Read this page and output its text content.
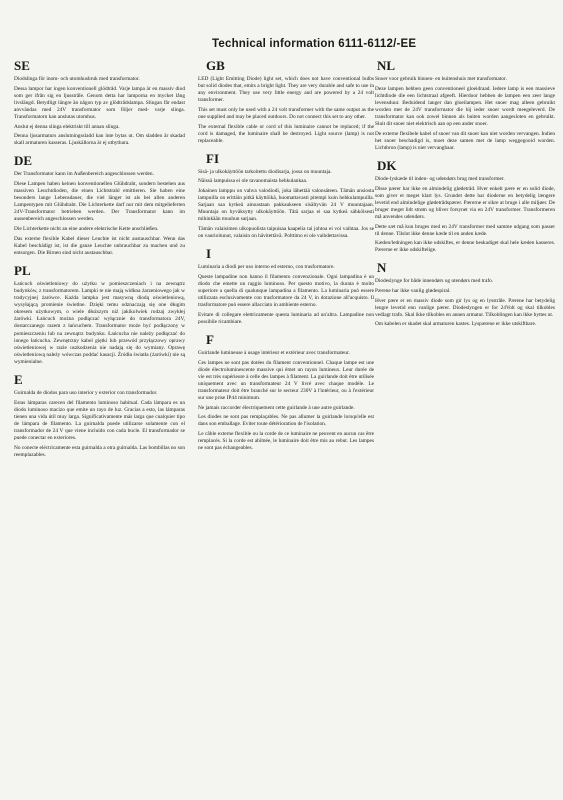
Technical information 6111-6112/-EE
SE

Diodslinga för inom- och utomhusbruk med transformator.

Dessa lampor har ingen konventionell glödtråd. Varje lampa är en massiv diod som ger ifrån sig en ljusstråle. Genom detta har lamporna en mycket lång livslängd. Betydligt längre än någon typ av glödtrådslampa. Slingan får endast anvvändas med 24V transformator som följer med- varje slinga. Transformatorn kan anslutas utomhus.

Anslut ej denna slinga elektriskt till annan slinga.

Denna ljusarmaturs anslutningssladd kan inte bytas ut. Om sladden är skadad skall armaturen kasseras. Ljuskällorna är ej utbytbara.

DE

Der Transformator kann im Außenbereich angeschlossen werden.

Diese Lampen haben keinen konventionellen Glühdraht, sondern bestehen aus massiven Leuchtdioden, die einen Lichtstrahl emittieren. Sie haben eine besonders lange Lebensdauer, die viel länger ist als bei allen anderen Lampentypen mit Glühdraht. Die Lichterkette darf nur mit dem mitgelieferten 24V-Transformator betrieben werden. Der Transformator kann im aussenbereich angeschlossen werden.

Die Lichterkette nicht an eine andere elektrische Kette anschließen.

Das externe flexible Kabel dieser Leuchte ist nicht austauschbar. Wenn das Kabel beschädigt ist, ist die ganze Leuchte unbrauchbar zu machen und zu entsorgen. Die Birnen sind nicht austauschbar.

PL

Łańcuch oświetleniowy do użytku w pomieszczeniach i na zewnątrz budynków, z transformatorem. Lampki te nie mają widkna żarzeniowego jak w tradycyjnej żarówce. Każda lampka jest masywną diodą oświetleniową, wysyłającą promienie świetlne. Dzięki temu odznaczają się one długim okresem użytkowym, o wiele dłuższym niż jakikolwiek rodzaj zwykłej żarówki. Łańcuch można podłączać wyłącznie do transformatora 24V, dostarczanego razem z łańcuchem. Transformator może być podłączony w pomieszczeniu lub na zewnątrz budynku. Łańcucha nie należy podłączać do innego łańcucha. Zewnętrzny kabel giętki lub przewód przyłączowy oprawy oświetleniowej w razie uszkodzenia nie nadają się do wymiany. Oprawę oświetleniową należy wówczas poddać kasacji. Źródła światła (żarówki) nie są wymienialne.

E

Guirnalda de diodos para uso interior y exterior con transformador.

Estas lámparas carecen del filamento luminoso habitual. Cada lámpara es un diodo luminoso macizo que emite un rayo de luz. Gracias a esto, las lámparas tienen una vida útil muy larga. Significativamente más larga que cualquier tipo de lámpara de filamento. La guirnalda puede utilizarse solamente con el transformador de 24 V que viene incluido con cada bucle. El transformador se puede conectar en exteriores.

No conecte eléctricamente esta guirnalda a otra guirnalda. Las bombillas no son reemplazables.

GB

LED (Light Emitting Diode) light set, which does not have conventional bulbs but solid diodes that, emits a bright light. They are very durable and safe to use in any environment. They use very little energy and are powered by a 24 volt transformer.

This set must only be used with a 24 volt transformer with the same output as the one supplied and may be placed outdoors. Do not connect this set to any other.

The external flexible cable or cord of this luminaire cannot be replaced; if the cord is damaged, the luminaire shall be destroyed. Light source (lamp) is not replaceable.

FI

Sisä- ja ulkokäyttöön tarkoitettu diodisarja, jossa on muuntaja.

Näissä lampuissa ei ole tavanomaista hehkulankaa.

Jokainen lamppu on vahva valodiodi, joka lähettää valonsäteen. Tämän ansiosta lampuilla on erittäin pitkä käyttöikä, huomattavasti pitempi kuin hehkulampuilla. Sarjaan saa kytkeä ainoastaan pakkaukseen sisältyvän 24 V muuntajaan. Muuntaja on hyväksytty ulkokäyttöön. Tätä sarjaa ei saa kytkeä sähköisesti mihinkään muuhun sarjaan.

Tämän valaisimen ulkopuolista taipuisaa kaapelia tai johtoa ei voi vaihtaa. Jos se on vaurioitunut, valaisin on hävitettävä. Polttimo ei ole vaihdettavissa.

I

Luminaria a diodi per uso interno ed esterno, con trasformatore.

Queste lampadine non hanno il filamento convenzionale. Ogni lampadina è un diodo che emette un raggio luminoso. Per questo motivo, la durata è molto superiore a quella di qualunque lampadina a filamento. La luminaria può essere utilizzata esclusivamente con trasformatore da 24 V, in dotazione all'acquisto. Il trasformatore può essere allacciato in ambiente esterno.

Evitare di collegare elettricamente questa luminaria ad un'altra. Lampadine non possibile ricambiare.

F

Guirlande lumineuse à usage intérieur et extérieur avec transformateur.

Ces lampes ne sont pas dotées du filament conventionnel. Chaque lampe est une diode électroluminescente massive qui émet un rayon lumineux. Leur durée de vie est très supérieure à celle des lampes à filament. La guirlande doit être utilisée uniquement avec un transformateur 24 V livré avec chaque modèle. Le transformateur doit être branché sur le secteur 230V à l'intérieur, ou à l'extérieur sur une prise IP44 minimum.

Ne jamais raccorder électriquement cette guirlande à une autre guirlande.

Les diodes ne sont pas remplaçables. Ne pas allumer la guirlande lorsqu'elle est dans son emballage. Eviter toute détérioration de l'isolation.

Le câble externe flexible ou la corde de ce luminaire ne peuvent en aucun cas être remplacés. Si la corde est abîmée, le luminaire doit être mis au rebut. Les lampes ne sont pas échangeables.

NL

Snoer voor gebruik binnen- en buitenshuis met transformator.

Deze lampen hebben geen conventioneel gloeidraad. Iedere lamp is een massieve lichtdiode die een lichtstraal afgeeft. Hierdoor hebben de lampen een zeer lange levensduur. Beduidend langer dan gloeilampen. Het snoer mag alleen gebruikt worden met de 24V transformator die bij ieder snoer wordt meegeleverd. De transformator kan ook zowel binnen als buiten worden aangesloten en gebruikt. Sluit dit snoer niet elektrisch aan op een ander snoer.

De externe flexibele kabel of snoer van dit snoer kan niet worden vervangen. Indien het snoer beschadigd is, moet deze samen met de lamp weggegooid worden. Lichtbron (lamp) is niet vervangbaar.

DK

Diode-lyskæde til inden- og udendørs brug med transformer.

Disse pærer har ikke en almindelig glødetråd. Hver enkelt pære er en solid diode, som giver et meget klart lys. Grundet dette har dioderne en betydelig længere levetid end almindelige glødetrådspærer. Pærerne er sikre at bruge i alle miljøer. De bruger meget lidt strøm og bliver forsynet via en 24V transformer. Transformeren må anvendes udendørs.

Dette sæt må kun bruges med en 24V transformer med samme udgang som passer til denne. Tilslut ikke denne kæde til en anden kæde.

Kæden/ledningen kan ikke udskiftes, er denne beskadiget skal hele kæden kasseres. Pærerne er ikke udskiftelige.

N

Diodeslynge for både innendørs og utendørs med trafo.

Pærene har ikke vanlig glødespiral.

Hver pære er en massiv diode som gir lys og en lysstråle. Pærene har betydelig lengre levetid enn vanlige pærer. Diodeslyngen er for 24Volt og skal tilkobles vedlagt trafo. Skal ikke tilkobles en annen armatur. Tilkoblingen kan ikke byttes ut.

Om kabelen er skadet skal armaturen kastes. Lyspærene er ikke utskiftbare.
